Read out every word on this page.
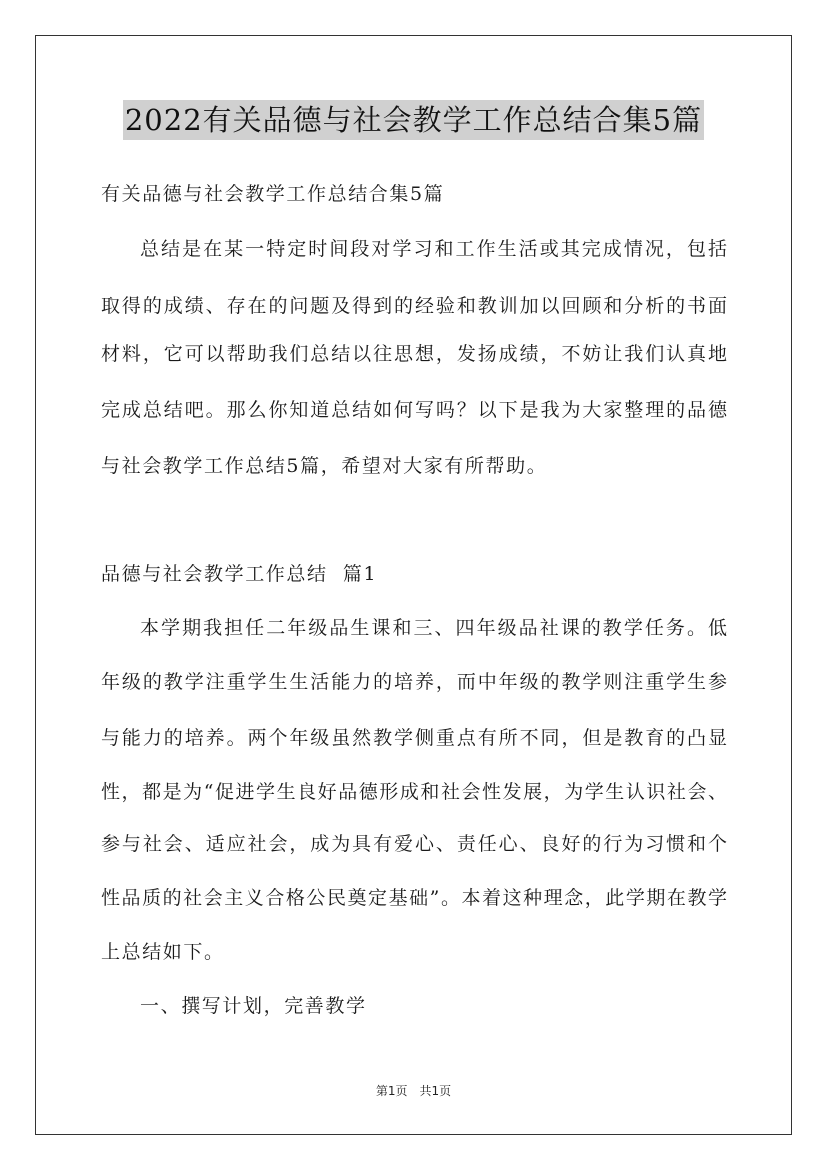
2022有关品德与社会教学工作总结合集5篇
有关品德与社会教学工作总结合集5篇
总结是在某一特定时间段对学习和工作生活或其完成情况，包括
取得的成绩、存在的问题及得到的经验和教训加以回顾和分析的书面
材料，它可以帮助我们总结以往思想，发扬成绩，不妨让我们认真地
完成总结吧。那么你知道总结如何写吗？以下是我为大家整理的品德
与社会教学工作总结5篇，希望对大家有所帮助。
品德与社会教学工作总结  篇1
本学期我担任二年级品生课和三、四年级品社课的教学任务。低
年级的教学注重学生生活能力的培养，而中年级的教学则注重学生参
与能力的培养。两个年级虽然教学侧重点有所不同，但是教育的凸显
性，都是为“促进学生良好品德形成和社会性发展，为学生认识社会、
参与社会、适应社会，成为具有爱心、责任心、良好的行为习惯和个
性品质的社会主义合格公民奠定基础”。本着这种理念，此学期在教学
上总结如下。
一、撰写计划，完善教学
第1页 共1页
